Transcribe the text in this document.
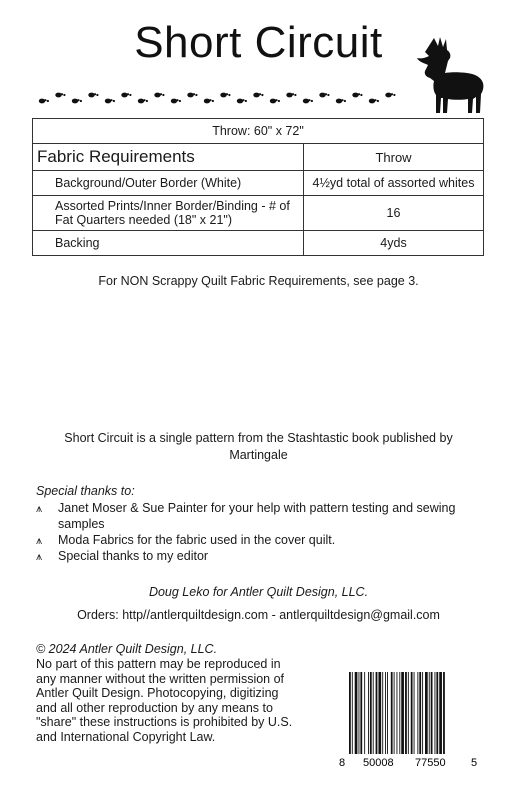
Short Circuit
Throw: 60" x 72"	
Fabric Requirements	Throw
Background/Outer Border (White)	4½yd total of assorted whites
Assorted Prints/Inner Border/Binding - # of Fat Quarters needed (18" x 21")	16
Backing	4yds
For NON Scrappy Quilt Fabric Requirements, see page 3.
Short Circuit is a single pattern from the Stashtastic book published by Martingale
Special thanks to:
⩚ Janet Moser & Sue Painter for your help with pattern testing and sewing samples
⩚ Moda Fabrics for the fabric used in the cover quilt.
⩚ Special thanks to my editor
Doug Leko for Antler Quilt Design, LLC.
Orders: http//antlerquiltdesign.com - antlerquiltdesign@gmail.com
© 2024 Antler Quilt Design, LLC.

No part of this pattern may be reproduced in any manner without the written permission of Antler Quilt Design. Photocopying, digitizing and all other reproduction by any means to "share" these instructions is prohibited by U.S. and International Copyright Law.

8 50008 77550 5
